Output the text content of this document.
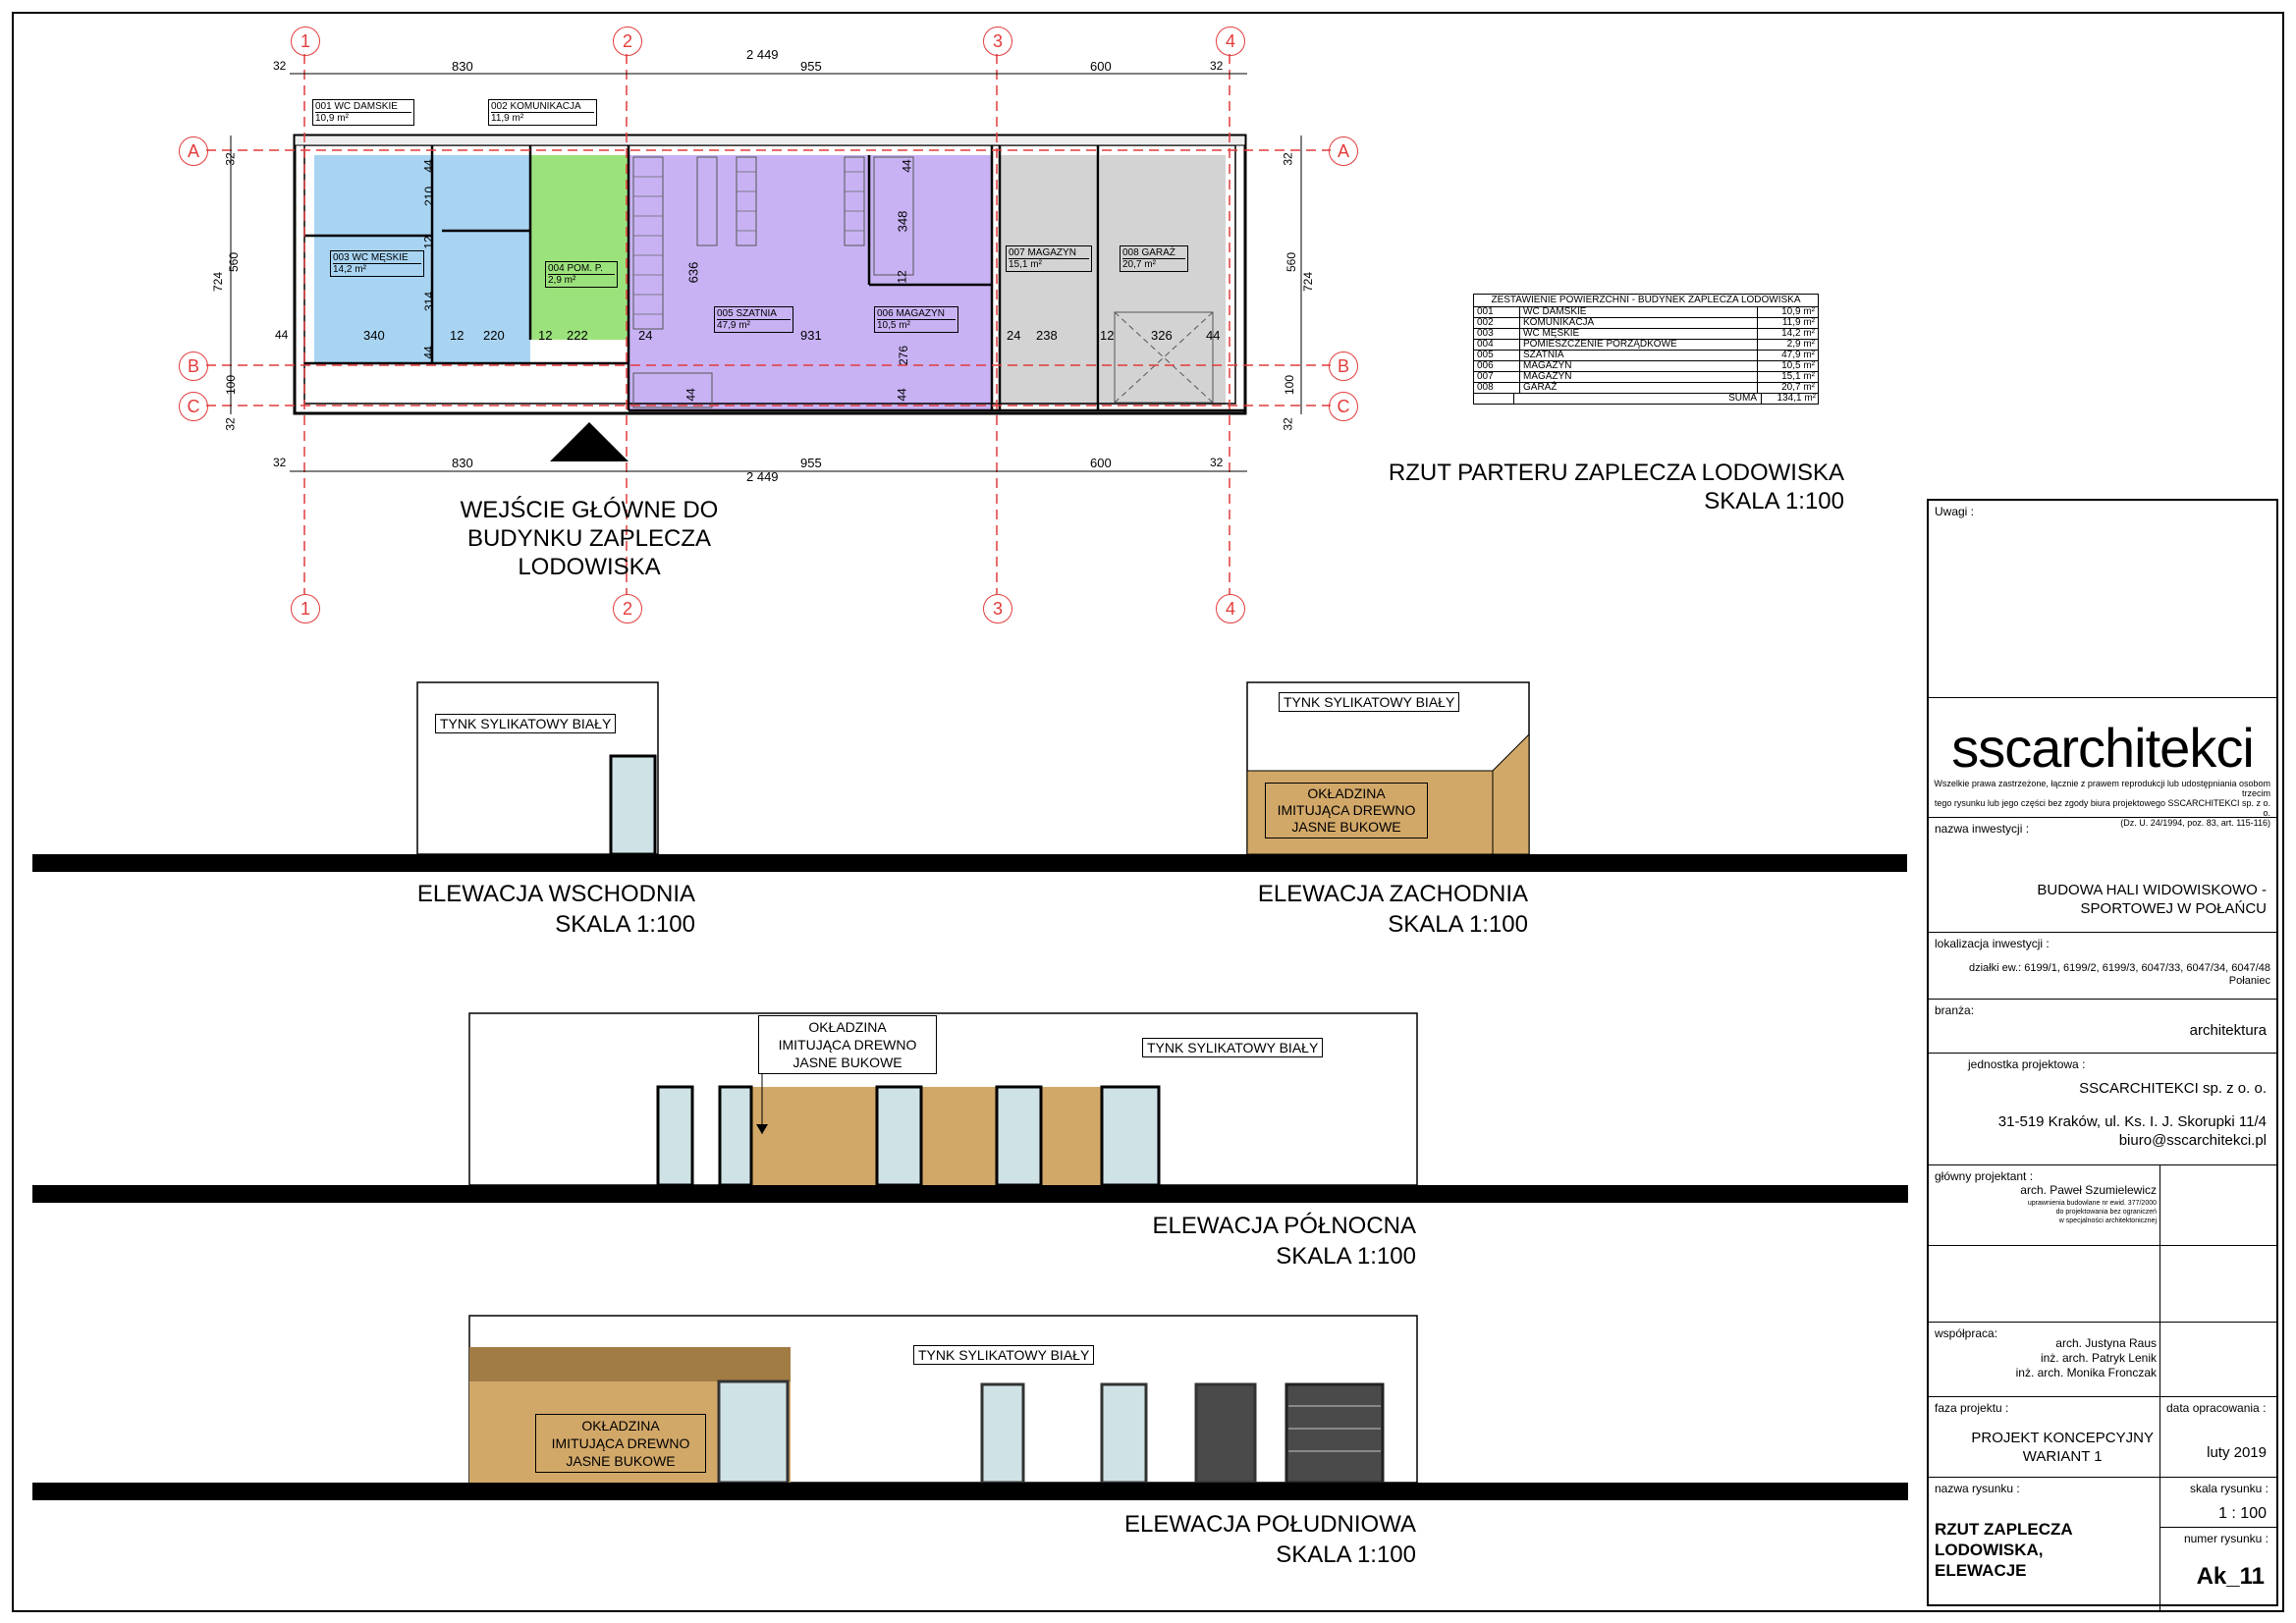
1	2	3	4
1	2	3	4
A
B
C
A
B
C
32	830
2 449
955	600	32
32	830	955	600	32
2 449
32
560
724
44
100
32
32
560
724
100
32
44
210
12
314
340
44
12 220	12 222	24
636
931
348
12
276
44	44
24 238	12	326	44
44
001 WC DAMSKIE
10,9 m²
002 KOMUNIKACJA
11,9 m²
003 WC MĘSKIE
14,2 m²	004 POM. P.
2,9 m²
005 SZATNIA
47,9 m²
006 MAGAZYN
10,5 m²
007 MAGAZYN
15,1 m²
008 GARAŻ
20,7 m²
WEJŚCIE GŁÓWNE DO
BUDYNKU ZAPLECZA
LODOWISKA
RZUT PARTERU ZAPLECZA LODOWISKA
SKALA 1:100
ZESTAWIENIE POWIERZCHNI - BUDYNEK ZAPLECZA LODOWISKA
001	WC DAMSKIE	10,9 m²
002	KOMUNIKACJA	11,9 m²
003	WC MĘSKIE	14,2 m²
004	POMIESZCZENIE PORZĄDKOWE	2,9 m²
005	SZATNIA	47,9 m²
006	MAGAZYN	10,5 m²
007	MAGAZYN	15,1 m²
008	GARAŻ	20,7 m²
SUMA	134,1 m²
TYNK SYLIKATOWY BIAŁY
ELEWACJA WSCHODNIA
SKALA 1:100
TYNK SYLIKATOWY BIAŁY
OKŁADZINA
IMITUJĄCA DREWNO
JASNE BUKOWE
ELEWACJA ZACHODNIA
SKALA 1:100
OKŁADZINA
IMITUJĄCA DREWNO
JASNE BUKOWE
TYNK SYLIKATOWY BIAŁY
ELEWACJA PÓŁNOCNA
SKALA 1:100
TYNK SYLIKATOWY BIAŁY
OKŁADZINA
IMITUJĄCA DREWNO
JASNE BUKOWE
ELEWACJA POŁUDNIOWA
SKALA 1:100
Uwagi :
sscarchitekci
Wszelkie prawa zastrzeżone, łącznie z prawem reprodukcji lub udostępniania osobom trzecim
tego rysunku lub jego części bez zgody biura projektowego SSCARCHITEKCI sp. z o. o.
(Dz. U. 24/1994, poz. 83, art. 115-116)
nazwa inwestycji :
BUDOWA HALI WIDOWISKOWO -
SPORTOWEJ W POŁAŃCU
lokalizacja inwestycji :
działki ew.: 6199/1, 6199/2, 6199/3, 6047/33, 6047/34, 6047/48
Połaniec
branża:
architektura
jednostka projektowa :
SSCARCHITEKCI sp. z o. o.
31-519 Kraków, ul. Ks. I. J. Skorupki 11/4
biuro@sscarchitekci.pl
główny projektant :
arch. Paweł Szumielewicz
uprawnienia budowlane nr ewid. 377/2000
do projektowania bez ograniczeń
w specjalności architektonicznej
współpraca:
arch. Justyna Raus
inż. arch. Patryk Lenik
inż. arch. Monika Fronczak
faza projektu :
PROJEKT KONCEPCYJNY
WARIANT 1
data opracowania :
luty 2019
nazwa rysunku :
RZUT ZAPLECZA
LODOWISKA,
ELEWACJE
skala rysunku :
1 : 100
numer rysunku :
Ak_11
